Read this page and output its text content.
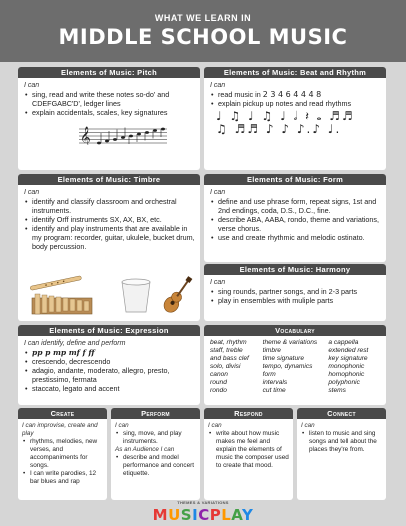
WHAT WE LEARN IN
MIDDLE SCHOOL MUSIC
Elements of Music: Pitch
I can
• sing, read and write these notes so-do' and CDEFGABC'D', ledger lines
• explain accidentals, scales, key signatures
𝄞
Elements of Music: Beat and Rhythm
I can
• read music in 2 3 4 6 4 4 4 8
• explain pickup up notes and read rhythms
♩ ♫ ♩ ♫ ♩ 𝅗𝅥 𝄽 𝅝 ♬♬
♫ ♬♬ ♪ ♪ ♪.♪ ♩.
Elements of Music: Timbre
I can
• identify and classify classroom and orchestral instruments.
• identify Orff instruments SX, AX, BX, etc.
• identify and play instruments that are available in my program: recorder, guitar, ukulele, bucket drum, body percussion.
Elements of Music: Form
I can
• define and use phrase form, repeat signs, 1st and 2nd endings, coda, D.S., D.C., fine.
• describe ABA, AABA, rondo, theme and variations, verse chorus.
• use and create rhythmic and melodic ostinato.
Elements of Music: Harmony
I can
• sing rounds, partner songs, and in 2-3 parts
• play in ensembles with muliple parts
Elements of Music: Expression
I can identify, define and perform
• pp p mp mf f ff
• crescendo, decrescendo
• adagio, andante, moderato, allegro, presto, prestissimo, fermata
• staccato, legato and accent
Vocabulary
beat, rhythm
staff, treble
and bass clef
solo, divisi
canon
round
rondo
theme & variations
timbre
time signature
tempo, dynamics
form
intervals
cut time
a cappella
extended rest
key signature
monophonic
homophonic
polyphonic
stems
Create
I can improvise, create and play
• rhythms, melodies, new verses, and accompaniments for songs.
• I can write parodies, 12 bar blues and rap
Perform
I can
• sing, move, and play instruments.
As an Audience I can
• describe and model performance and concert etiquette.
Respond
I can
• write about how music makes me feel and explain the elements of music the composer used to create that mood.
Connect
I can
• listen to music and sing songs and tell about the places they're from.
THEMES & VARIATIONS
MUSICPLAY
